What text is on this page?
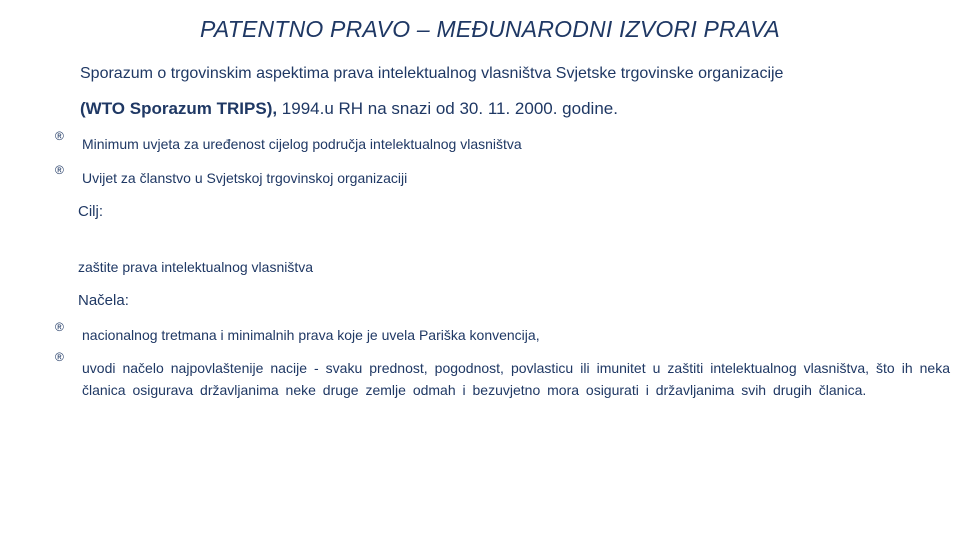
PATENTNO PRAVO – MEĐUNARODNI IZVORI PRAVA
Sporazum o trgovinskim aspektima prava intelektualnog vlasništva Svjetske trgovinske organizacije
(WTO Sporazum TRIPS), 1994.u RH na snazi od 30. 11. 2000. godine.
® Minimum uvjeta za uređenost cijelog područja intelektualnog vlasništva
® Uvijet za članstvo u Svjetskoj trgovinskoj organizaciji
Cilj:
zaštite prava intelektualnog vlasništva
Načela:
® nacionalnog tretmana i minimalnih prava koje je uvela Pariška konvencija,
®
uvodi načelo najpovlaštenije nacije - svaku prednost, pogodnost, povlasticu ili imunitet u zaštiti intelektualnog vlasništva, što ih neka članica osigurava državljanima neke druge zemlje odmah i bezuvjetno mora osigurati i državljanima svih drugih članica.
